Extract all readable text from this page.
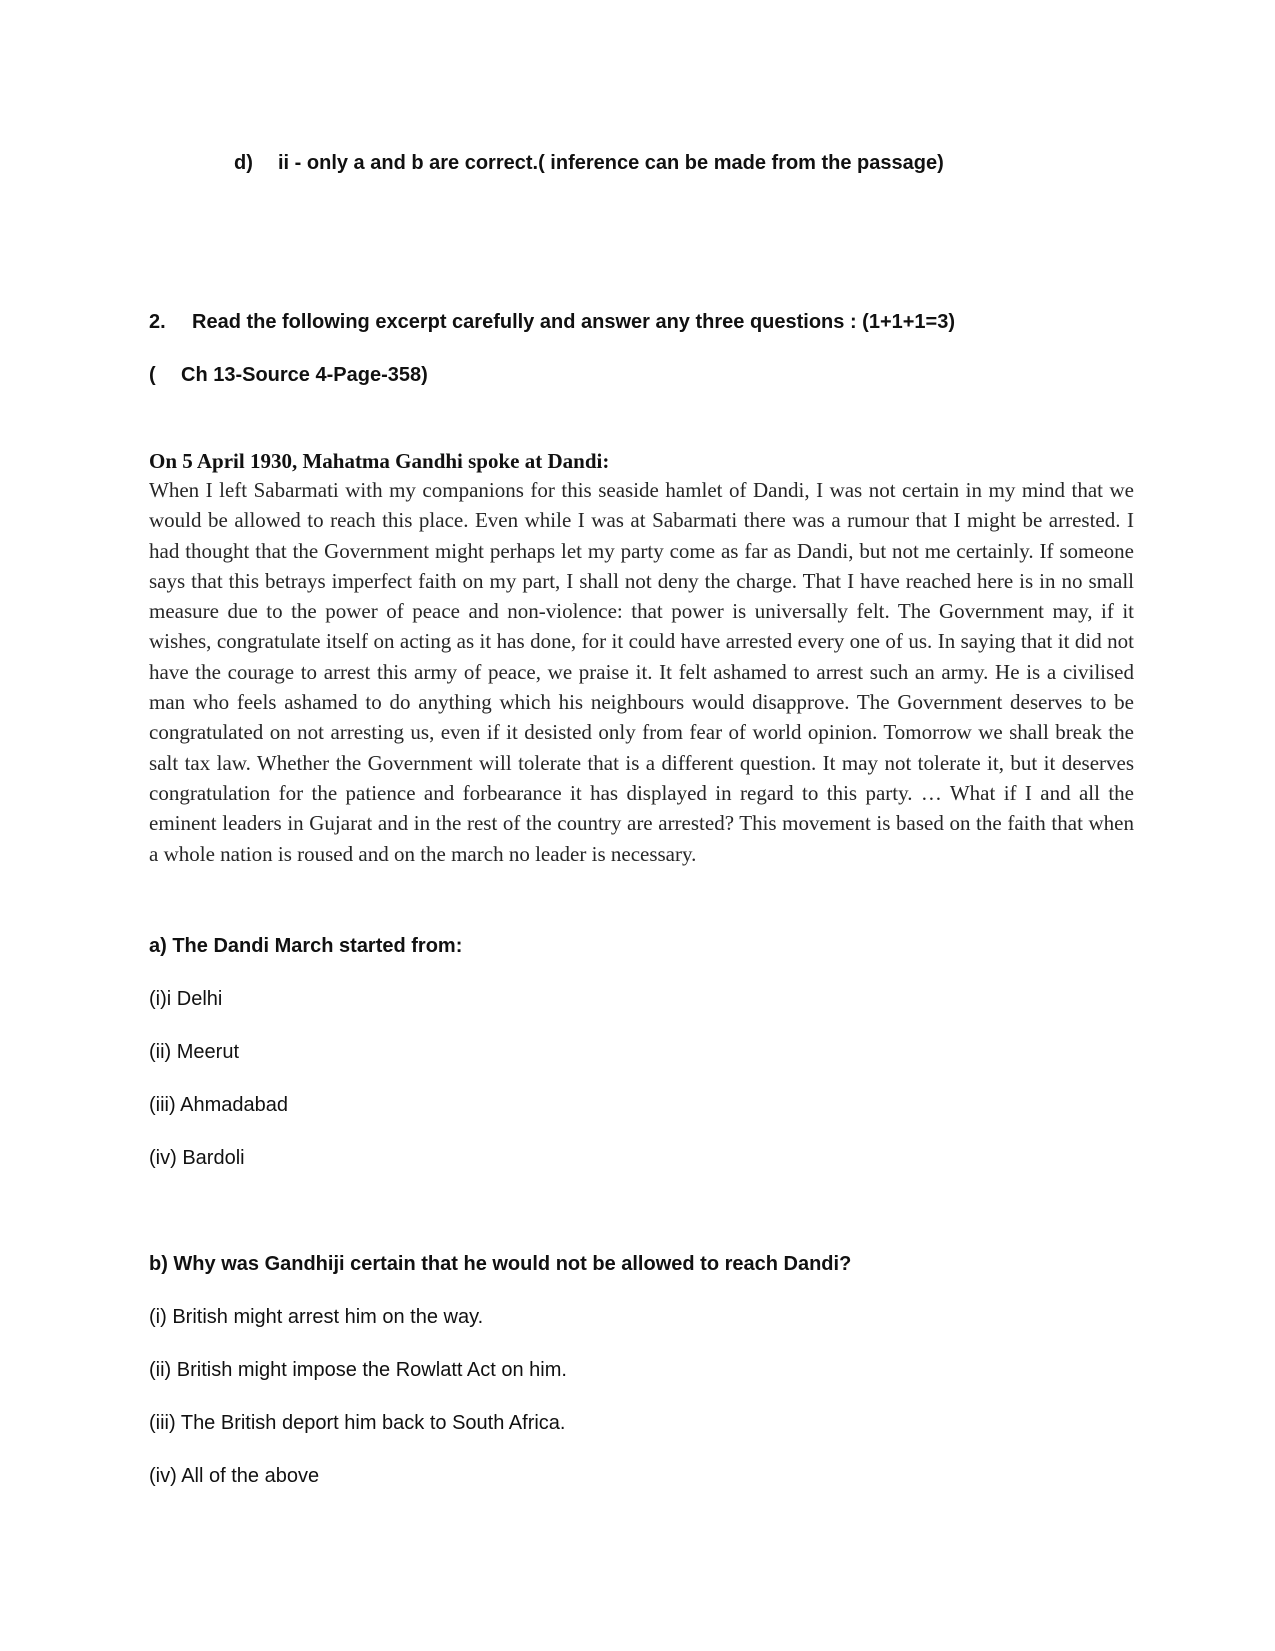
d) ii - only a and b are correct.( inference can be made from the passage)
2. Read the following excerpt carefully and answer any three questions : (1+1+1=3)
( Ch 13-Source 4-Page-358)

On 5 April 1930, Mahatma Gandhi spoke at Dandi:

When I left Sabarmati with my companions for this seaside hamlet of Dandi, I was not certain in my mind that we would be allowed to reach this place. Even while I was at Sabarmati there was a rumour that I might be arrested. I had thought that the Government might perhaps let my party come as far as Dandi, but not me certainly. If someone says that this betrays imperfect faith on my part, I shall not deny the charge. That I have reached here is in no small measure due to the power of peace and non-violence: that power is universally felt. The Government may, if it wishes, congratulate itself on acting as it has done, for it could have arrested every one of us. In saying that it did not have the courage to arrest this army of peace, we praise it. It felt ashamed to arrest such an army. He is a civilised man who feels ashamed to do anything which his neighbours would disapprove. The Government deserves to be congratulated on not arresting us, even if it desisted only from fear of world opinion. Tomorrow we shall break the salt tax law. Whether the Government will tolerate that is a different question. It may not tolerate it, but it deserves congratulation for the patience and forbearance it has displayed in regard to this party. … What if I and all the eminent leaders in Gujarat and in the rest of the country are arrested? This movement is based on the faith that when a whole nation is roused and on the march no leader is necessary.

a) The Dandi March started from:
(i)i Delhi
(ii) Meerut
(iii) Ahmadabad
(iv) Bardoli
b) Why was Gandhiji certain that he would not be allowed to reach Dandi?
(i) British might arrest him on the way.
(ii) British might impose the Rowlatt Act on him.
(iii) The British deport him back to South Africa.
(iv) All of the above
